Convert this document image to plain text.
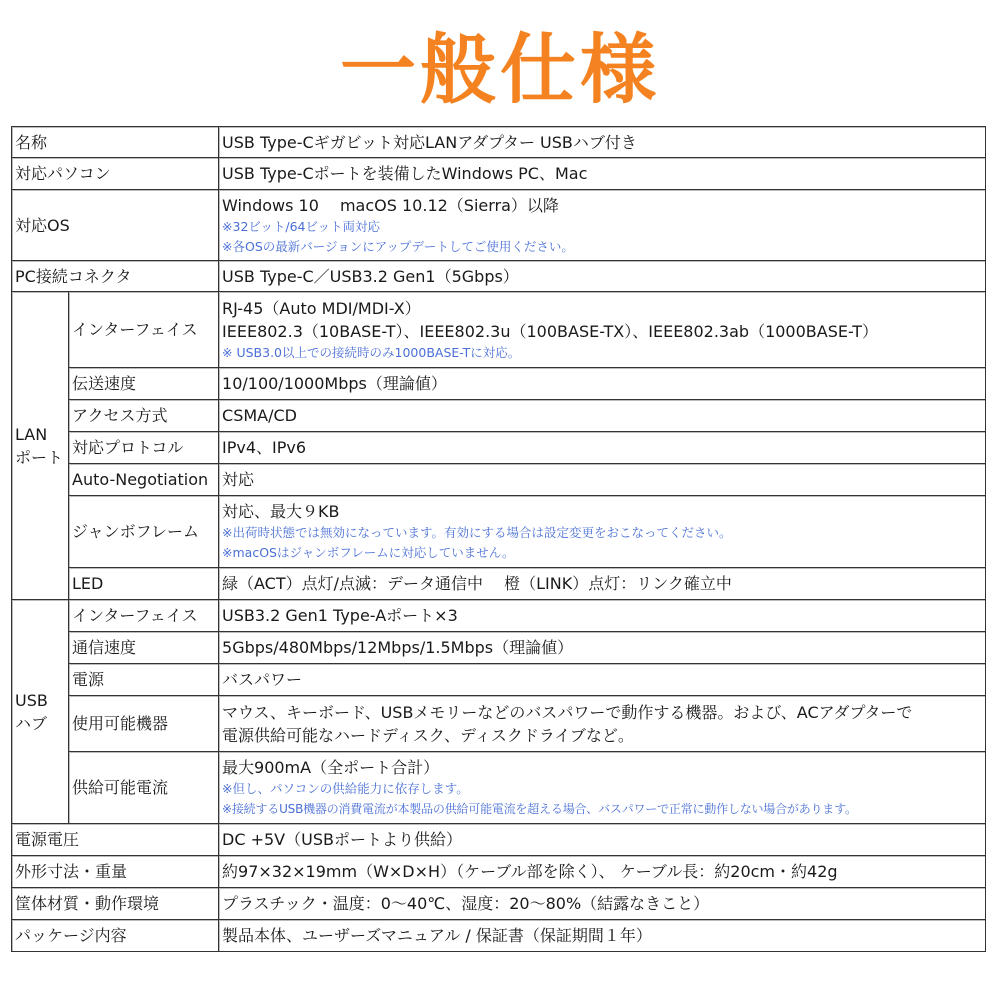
一般仕様
名称		USB Type-Cギガビット対応LANアダプター USBハブ付き
対応パソコン		USB Type-Cポートを装備したWindows PC、Mac
対応OS		Windows 10　 macOS 10.12（Sierra）以降
※32ビット/64ビット両対応
※各OSの最新バージョンにアップデートしてご使用ください。

PC接続コネクタ		USB Type-C／USB3.2 Gen1（5Gbps）

LAN
ポート	インターフェイス	RJ-45（Auto MDI/MDI-X）
IEEE802.3（10BASE-T）、IEEE802.3u（100BASE-TX）、IEEE802.3ab（1000BASE-T）
※ USB3.0以上での接続時のみ1000BASE-Tに対応。

	伝送速度	10/100/1000Mbps（理論値）
	アクセス方式	CSMA/CD
	対応プロトコル	IPv4、IPv6
	Auto-Negotiation	対応
	ジャンボフレーム	対応、最大９KB
※出荷時状態では無効になっています。有効にする場合は設定変更をおこなってください。
※macOSはジャンボフレームに対応していません。

	LED	緑（ACT）点灯/点滅：データ通信中　 橙（LINK）点灯：リンク確立中

USB
ハブ	インターフェイス	USB3.2 Gen1 Type-Aポート×3
	通信速度	5Gbps/480Mbps/12Mbps/1.5Mbps（理論値）
	電源	バスパワー
	使用可能機器	マウス、キーボード、USBメモリーなどのバスパワーで動作する機器。および、ACアダプターで
電源供給可能なハードディスク、ディスクドライブなど。

	供給可能電流	最大900mA（全ポート合計）
※但し、パソコンの供給能力に依存します。
※接続するUSB機器の消費電流が本製品の供給可能電流を超える場合、バスパワーで正常に動作しない場合があります。

電源電圧		DC +5V（USBポートより供給）
外形寸法・重量		約97×32×19mm（W×D×H）（ケーブル部を除く）、 ケーブル長：約20cm・約42g
筐体材質・動作環境		プラスチック・温度：0～40℃、湿度：20～80%（結露なきこと）
パッケージ内容		製品本体、ユーザーズマニュアル / 保証書（保証期間１年）
